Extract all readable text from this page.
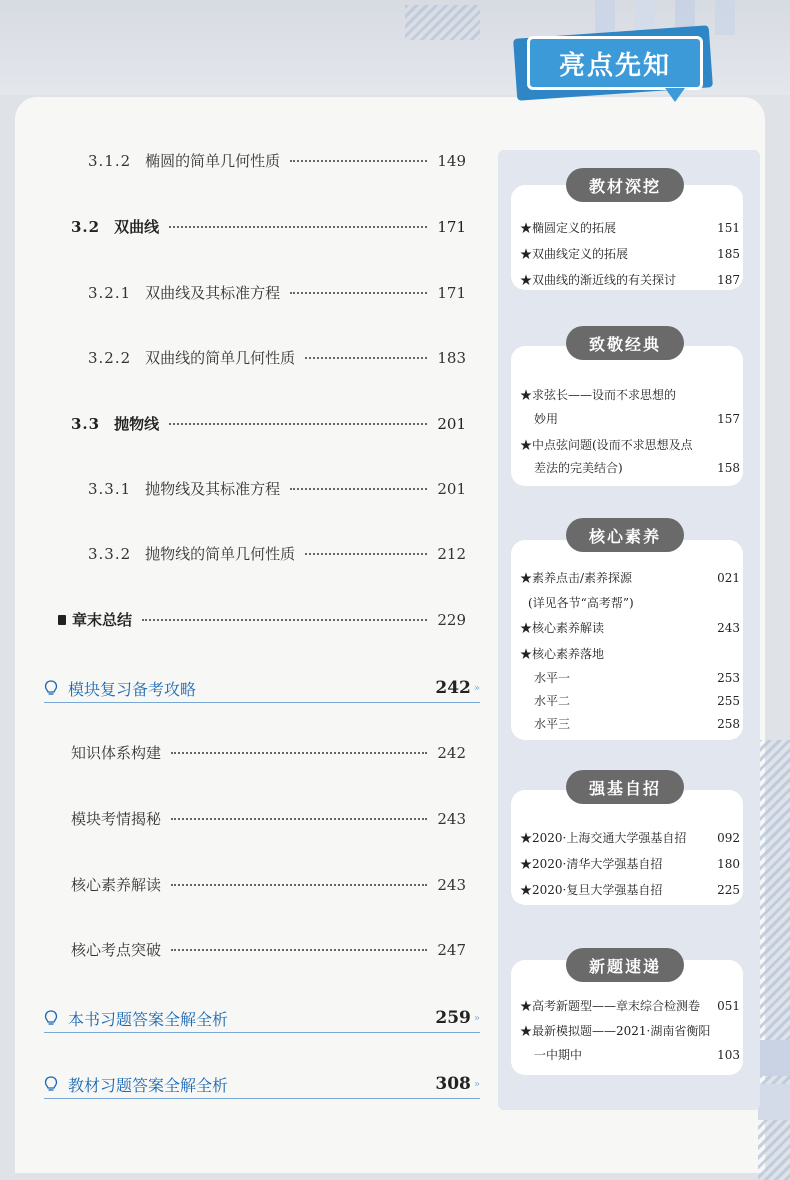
亮点先知
3.1.2 椭圆的简单几何性质	149
3.2 双曲线	171
3.2.1 双曲线及其标准方程	171
3.2.2 双曲线的简单几何性质	183
3.3 抛物线	201
3.3.1 抛物线及其标准方程	201
3.3.2 抛物线的简单几何性质	212
章末总结	229
模块复习备考攻略	242 »
知识体系构建	242
模块考情揭秘	243
核心素养解读	243
核心考点突破	247
本书习题答案全解全析	259 »
教材习题答案全解全析	308 »
教材深挖
★椭圆定义的拓展	151
★双曲线定义的拓展	185
★双曲线的渐近线的有关探讨	187
致敬经典
★求弦长——设而不求思想的
妙用	157
★中点弦问题(设而不求思想及点
差法的完美结合)	158
核心素养
★素养点击/素养探源	021
(详见各节“高考帮”)
★核心素养解读	243
★核心素养落地
水平一	253
水平二	255
水平三	258
强基自招
★2020·上海交通大学强基自招	092
★2020·清华大学强基自招	180
★2020·复旦大学强基自招	225
新题速递
★高考新题型——章末综合检测卷	051
★最新模拟题——2021·湖南省衡阳
一中期中	103
